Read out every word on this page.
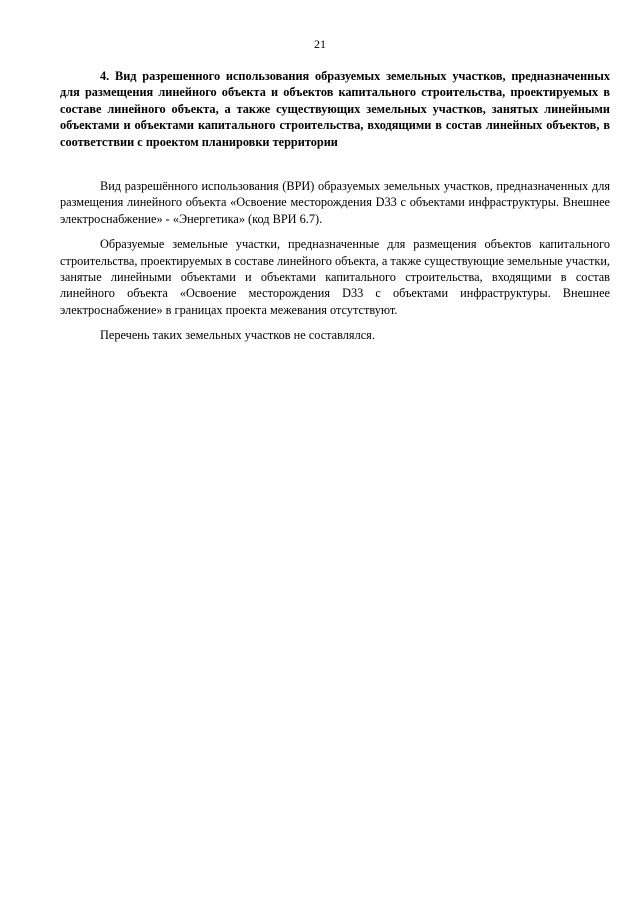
21

4. Вид разрешенного использования образуемых земельных участков, предназначенных для размещения линейного объекта и объектов капитального строительства, проектируемых в составе линейного объекта, а также существующих земельных участков, занятых линейными объектами и объектами капитального строительства, входящими в состав линейных объектов, в соответствии с проектом планировки территории

Вид разрешённого использования (ВРИ) образуемых земельных участков, предназначенных для размещения линейного объекта «Освоение месторождения D33 с объектами инфраструктуры. Внешнее электроснабжение» - «Энергетика» (код ВРИ 6.7).

Образуемые земельные участки, предназначенные для размещения объектов капитального строительства, проектируемых в составе линейного объекта, а также существующие земельные участки, занятые линейными объектами и объектами капитального строительства, входящими в состав линейного объекта «Освоение месторождения D33 с объектами инфраструктуры. Внешнее электроснабжение» в границах проекта межевания отсутствуют.

Перечень таких земельных участков не составлялся.
